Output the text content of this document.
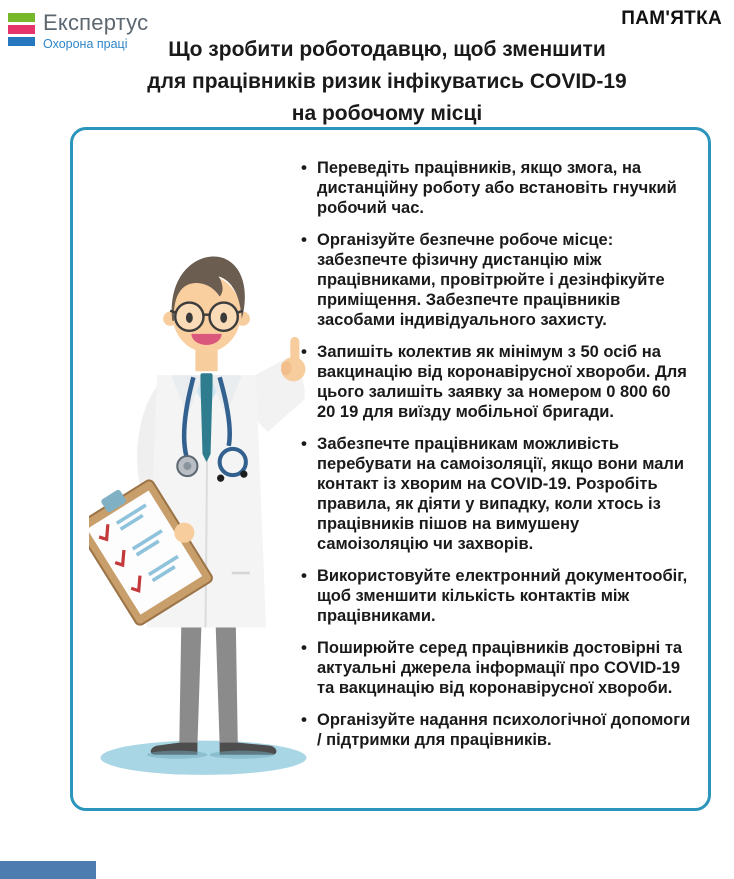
Експертус
Охорона праці
ПАМ'ЯТКА
Що зробити роботодавцю, щоб зменшити
для працівників ризик інфікуватись COVID-19
на робочому місці
• Переведіть працівників, якщо змога, на дистанційну роботу або встановіть гнучкий робочий час.
• Організуйте безпечне робоче місце: забезпечте фізичну дистанцію між працівниками, провітрюйте і дезінфікуйте приміщення. Забезпечте працівників засобами індивідуального захисту.
• Запишіть колектив як мінімум з 50 осіб на вакцинацію від коронавірусної хвороби. Для цього залишіть заявку за номером 0 800 60 20 19 для виїзду мобільної бригади.
• Забезпечте працівникам можливість перебувати на самоізоляції, якщо вони мали контакт із хворим на COVID-19. Розробіть правила, як діяти у випадку, коли хтось із працівників пішов на вимушену самоізоляцію чи захворів.
• Використовуйте електронний документообіг, щоб зменшити кількість контактів між працівниками.
• Поширюйте серед працівників достовірні та актуальні джерела інформації про COVID-19 та вакцинацію від коронавірусної хвороби.
• Організуйте надання психологічної допомоги / підтримки для працівників.
